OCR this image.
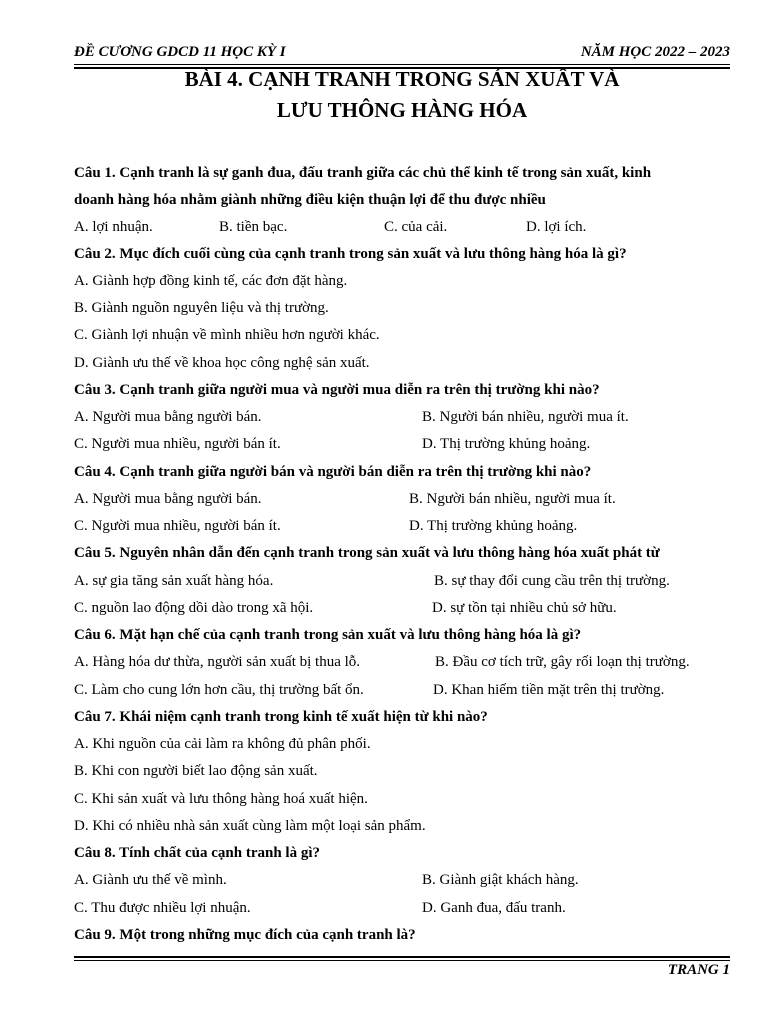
ĐỀ CƯƠNG GDCD 11 HỌC KỲ I	NĂM HỌC 2022 – 2023
BÀI 4. CẠNH TRANH TRONG SẢN XUẤT VÀ
LƯU THÔNG HÀNG HÓA
Câu 1. Cạnh tranh là sự ganh đua, đấu tranh giữa các chủ thể kinh tế trong sản xuất, kinh
doanh hàng hóa nhằm giành những điều kiện thuận lợi để thu được nhiều
A. lợi nhuận.	B. tiền bạc.	C. của cải.	D. lợi ích.
Câu 2. Mục đích cuối cùng của cạnh tranh trong sản xuất và lưu thông hàng hóa là gì?
A. Giành hợp đồng kinh tế, các đơn đặt hàng.
B. Giành nguồn nguyên liệu và thị trường.
C. Giành lợi nhuận về mình nhiều hơn người khác.
D. Giành ưu thế về khoa học công nghệ sản xuất.
Câu 3. Cạnh tranh giữa người mua và người mua diễn ra trên thị trường khi nào?
A. Người mua bằng người bán.	B. Người bán nhiều, người mua ít.
C. Người mua nhiều, người bán ít.	D. Thị trường khủng hoảng.
Câu 4. Cạnh tranh giữa người bán và người bán diễn ra trên thị trường khi nào?
A. Người mua bằng người bán.	B. Người bán nhiều, người mua ít.
C. Người mua nhiều, người bán ít.	D. Thị trường khủng hoảng.
Câu 5. Nguyên nhân dẫn đến cạnh tranh trong sản xuất và lưu thông hàng hóa xuất phát từ
A. sự gia tăng sản xuất hàng hóa.	B. sự thay đổi cung cầu trên thị trường.
C. nguồn lao động dồi dào trong xã hội.	D. sự tồn tại nhiều chủ sở hữu.
Câu 6. Mặt hạn chế của cạnh tranh trong sản xuất và lưu thông hàng hóa là gì?
A. Hàng hóa dư thừa, người sản xuất bị thua lỗ.	B. Đầu cơ tích trữ, gây rối loạn thị trường.
C. Làm cho cung lớn hơn cầu, thị trường bất ổn.	D. Khan hiếm tiền mặt trên thị trường.
Câu 7. Khái niệm cạnh tranh trong kinh tế xuất hiện từ khi nào?
A. Khi nguồn của cải làm ra không đủ phân phối.
B. Khi con người biết lao động sản xuất.
C. Khi sản xuất và lưu thông hàng hoá xuất hiện.
D. Khi có nhiều nhà sản xuất cùng làm một loại sản phẩm.
Câu 8. Tính chất của cạnh tranh là gì?
A. Giành ưu thế về mình.	B. Giành giật khách hàng.
C. Thu được nhiều lợi nhuận.	D. Ganh đua, đấu tranh.
Câu 9. Một trong những mục đích của cạnh tranh là?
TRANG 1
